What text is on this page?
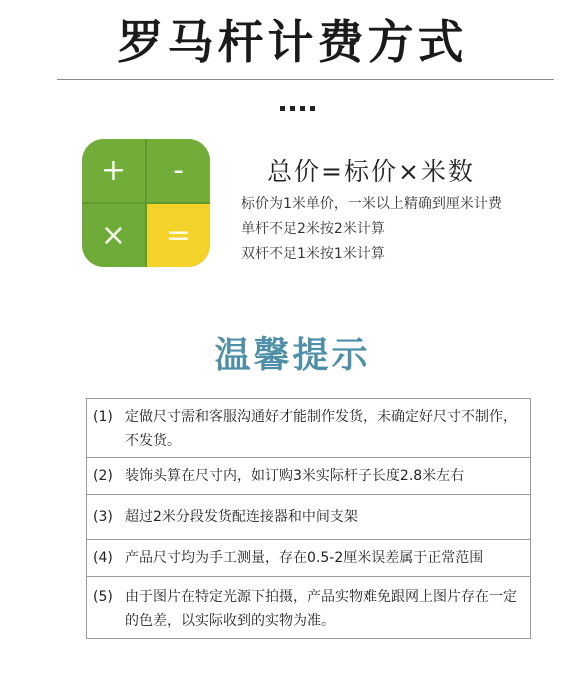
罗马杆计费方式
+	-
×	=
总价=标价×米数
标价为1米单价，一米以上精确到厘米计费
单杆不足2米按2米计算
双杆不足1米按1米计算
温馨提示
(1) 定做尺寸需和客服沟通好才能制作发货，未确定好尺寸不制作，不发货。
(2) 装饰头算在尺寸内，如订购3米实际杆子长度2.8米左右
(3) 超过2米分段发货配连接器和中间支架
(4) 产品尺寸均为手工测量，存在0.5-2厘米误差属于正常范围
(5) 由于图片在特定光源下拍摄，产品实物难免跟网上图片存在一定的色差，以实际收到的实物为准。
